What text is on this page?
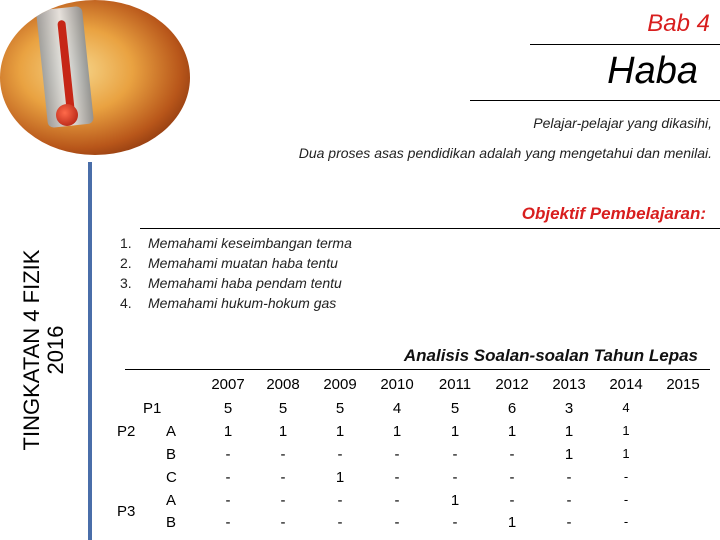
Bab 4
Haba
Pelajar-pelajar yang dikasihi,
Dua proses asas pendidikan adalah yang mengetahui dan menilai.
TINGKATAN 4 FIZIK 2016
Objektif Pembelajaran:
1. Memahami keseimbangan terma
2. Memahami muatan haba tentu
3. Memahami haba pendam tentu
4. Memahami hukum-hokum gas
Analisis Soalan-soalan Tahun Lepas
2007 2008 2009 2010 2011 2012 2013 2014 2015
P1	5	5	5	4	5	6	3	4
P2 A	1	1	1	1	1	1	1	1
B	-	-	-	-	-	-	1	1
C	-	-	1	-	-	-	-	-
P3
A	-	-	-	-	1	-	-	-
B	-	-	-	-	-	1	-	-
